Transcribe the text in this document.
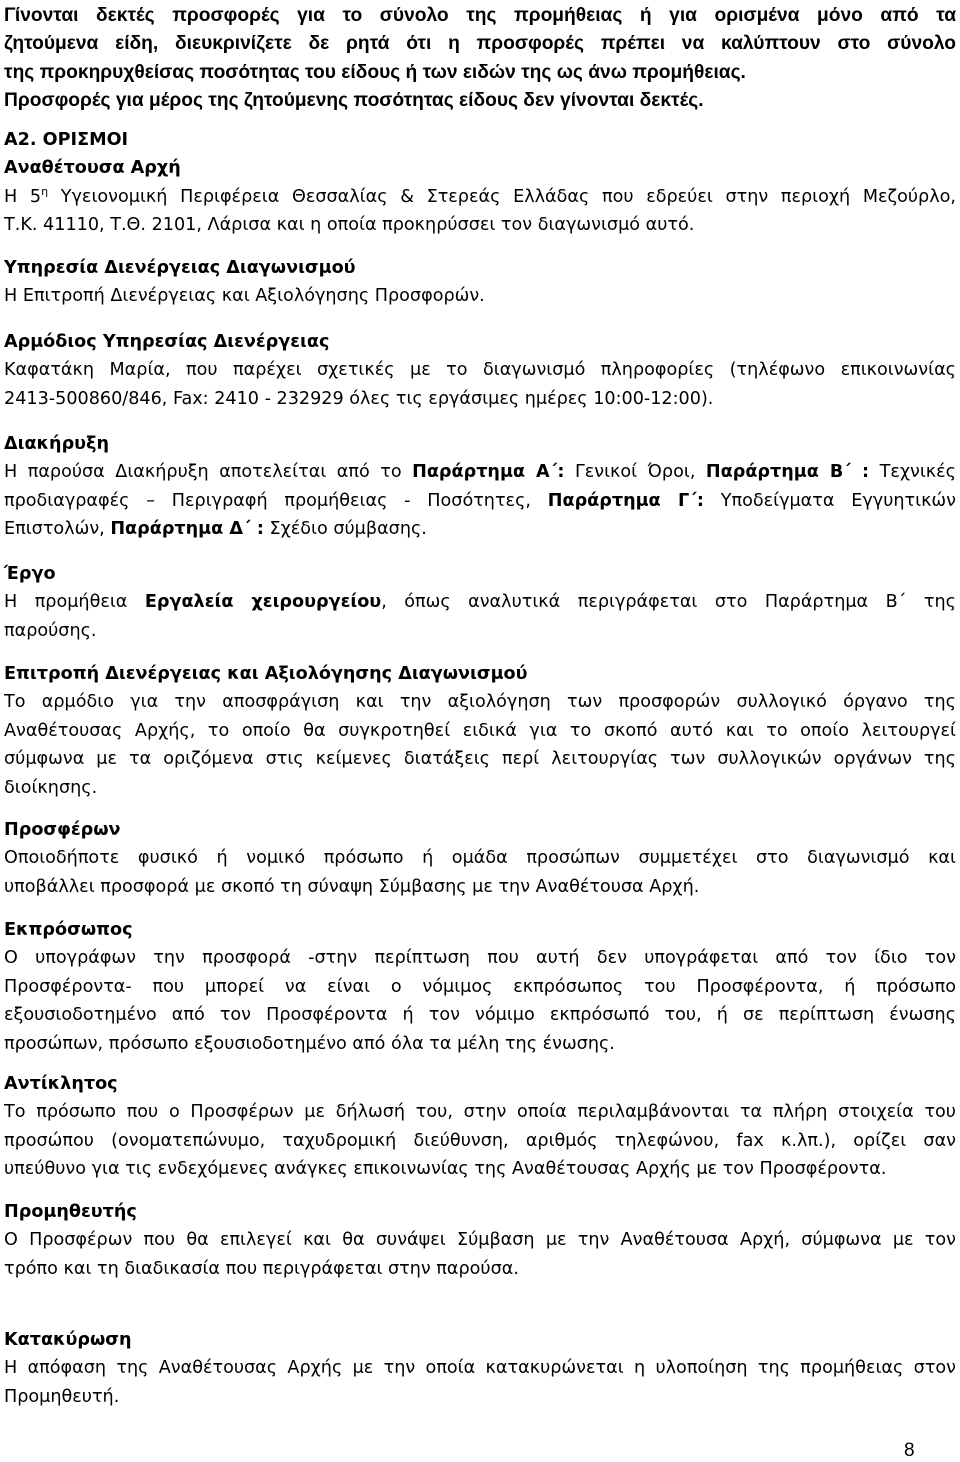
Γίνονται δεκτές προσφορές για το σύνολο της προμήθειας ή για ορισμένα μόνο από τα
ζητούμενα είδη, διευκρινίζετε δε ρητά ότι η προσφορές πρέπει να καλύπτουν στο σύνολο
της προκηρυχθείσας ποσότητας του είδους ή των ειδών της ως άνω προμήθειας.
Προσφορές για μέρος της ζητούμενης ποσότητας είδους δεν γίνονται δεκτές.
Α2. ΟΡΙΣΜΟΙ
Αναθέτουσα Αρχή
Η $5^\eta$ Υγειονομική Περιφέρεια Θεσσαλίας & Στερεάς Ελλάδας που εδρεύει στην περιοχή Μεζούρλο,
Τ.Κ. 41110, Τ.Θ. 2101, Λάρισα και η οποία προκηρύσσει τον διαγωνισμό αυτό.
Υπηρεσία Διενέργειας Διαγωνισμού
Η Επιτροπή Διενέργειας και Αξιολόγησης Προσφορών.
Αρμόδιος Υπηρεσίας Διενέργειας
Καφατάκη Μαρία, που παρέχει σχετικές με το διαγωνισμό πληροφορίες (τηλέφωνο επικοινωνίας
2413-500860/846, Fax: 2410 - 232929 όλες τις εργάσιμες ημέρες 10:00-12:00).
Διακήρυξη
Η παρούσα Διακήρυξη αποτελείται από το Παράρτημα Α΄: Γενικοί Όροι, Παράρτημα Β΄ : Τεχνικές
προδιαγραφές – Περιγραφή προμήθειας - Ποσότητες, Παράρτημα Γ΄: Υποδείγματα Εγγυητικών
Επιστολών, Παράρτημα Δ΄ : Σχέδιο σύμβασης.
Έργο
Η προμήθεια Εργαλεία χειρουργείου, όπως αναλυτικά περιγράφεται στο Παράρτημα Β΄ της
παρούσης.
Επιτροπή Διενέργειας και Αξιολόγησης Διαγωνισμού
Το αρμόδιο για την αποσφράγιση και την αξιολόγηση των προσφορών συλλογικό όργανο της
Αναθέτουσας Αρχής, το οποίο θα συγκροτηθεί ειδικά για το σκοπό αυτό και το οποίο λειτουργεί
σύμφωνα με τα οριζόμενα στις κείμενες διατάξεις περί λειτουργίας των συλλογικών οργάνων της
διοίκησης.
Προσφέρων
Οποιοδήποτε φυσικό ή νομικό πρόσωπο ή ομάδα προσώπων συμμετέχει στο διαγωνισμό και
υποβάλλει προσφορά με σκοπό τη σύναψη Σύμβασης με την Αναθέτουσα Αρχή.
Εκπρόσωπος
Ο υπογράφων την προσφορά -στην περίπτωση που αυτή δεν υπογράφεται από τον ίδιο τον
Προσφέροντα- που μπορεί να είναι ο νόμιμος εκπρόσωπος του Προσφέροντα, ή πρόσωπο
εξουσιοδοτημένο από τον Προσφέροντα ή τον νόμιμο εκπρόσωπό του, ή σε περίπτωση ένωσης
προσώπων, πρόσωπο εξουσιοδοτημένο από όλα τα μέλη της ένωσης.
Αντίκλητος
Το πρόσωπο που ο Προσφέρων με δήλωσή του, στην οποία περιλαμβάνονται τα πλήρη στοιχεία του
προσώπου (ονοματεπώνυμο, ταχυδρομική διεύθυνση, αριθμός τηλεφώνου, fax κ.λπ.), ορίζει σαν
υπεύθυνο για τις ενδεχόμενες ανάγκες επικοινωνίας της Αναθέτουσας Αρχής με τον Προσφέροντα.
Προμηθευτής
Ο Προσφέρων που θα επιλεγεί και θα συνάψει Σύμβαση με την Αναθέτουσα Αρχή, σύμφωνα με τον
τρόπο και τη διαδικασία που περιγράφεται στην παρούσα.
Κατακύρωση
Η απόφαση της Αναθέτουσας Αρχής με την οποία κατακυρώνεται η υλοποίηση της προμήθειας στον
Προμηθευτή.
8
